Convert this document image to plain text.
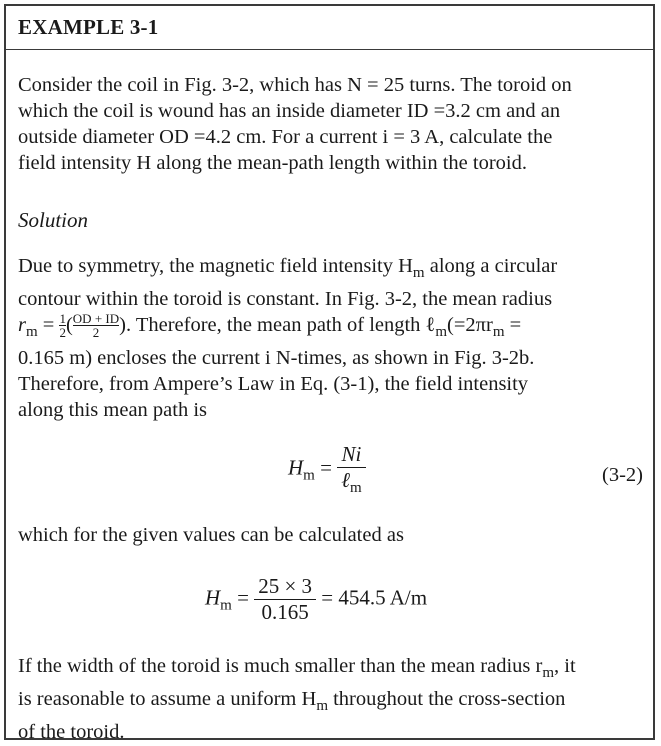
EXAMPLE 3-1
Consider the coil in Fig. 3-2, which has N = 25 turns. The toroid on
which the coil is wound has an inside diameter ID =3.2 cm and an
outside diameter OD =4.2 cm. For a current i = 3 A, calculate the
field intensity H along the mean-path length within the toroid.
Solution
Due to symmetry, the magnetic field intensity $H_m$ along a circular
contour within the toroid is constant. In Fig. 3-2, the mean radius
$r_m = \frac{1}{2}$ ( $\frac{OD + ID}{2}$ ). Therefore, the mean path of length $\ell_m(=2\pi r_m$ =
0.165 m) encloses the current i N-times, as shown in Fig. 3-2b.
Therefore, from Ampere’s Law in Eq. (3-1), the field intensity
along this mean path is
$H_m = \frac{Ni}{\ell_m}$	(3-2)
which for the given values can be calculated as
$H_m = \frac{25 \times 3}{0.165} = 454.5$ A/m
If the width of the toroid is much smaller than the mean radius $r_m$, it
is reasonable to assume a uniform $H_m$ throughout the cross-section
of the toroid.
